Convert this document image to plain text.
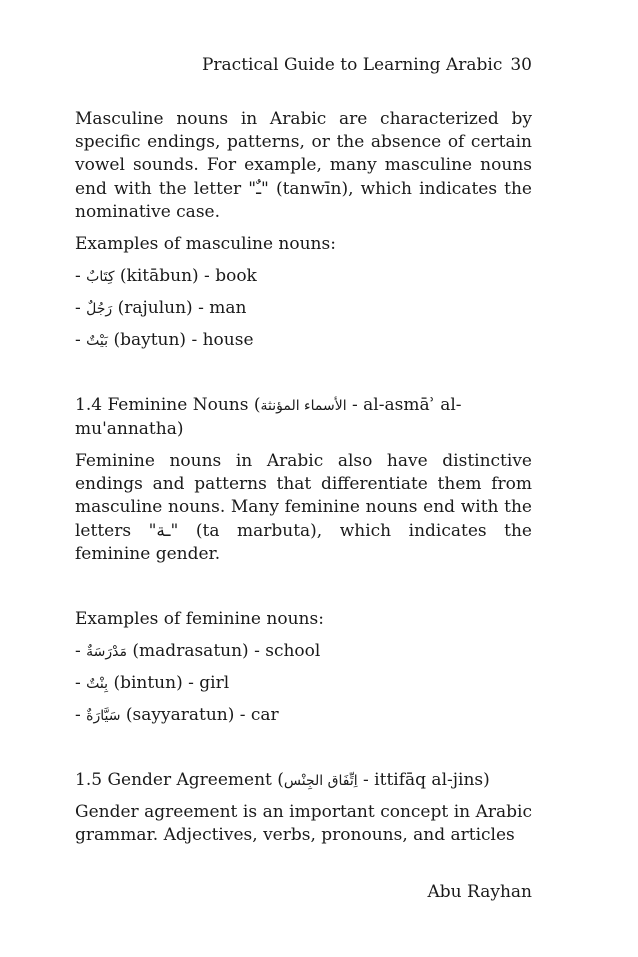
Practical Guide to Learning Arabic 30

Masculine nouns in Arabic are characterized by specific endings, patterns, or the absence of certain vowel sounds. For example, many masculine nouns end with the letter "ـٌ" (tanwīn), which indicates the nominative case.

Examples of masculine nouns:

- كِتَابٌ (kitābun) - book

- رَجُلٌ (rajulun) - man

- بَيْتٌ (baytun) - house

1.4 Feminine Nouns (الأسماء المؤنثة - al-asmāʾ al-
mu'annatha)

Feminine nouns in Arabic also have distinctive endings and patterns that differentiate them from masculine nouns. Many feminine nouns end with the letters "ـة" (ta marbuta), which indicates the feminine gender.

Examples of feminine nouns:

- مَدْرَسَةٌ (madrasatun) - school

- بِنْتٌ (bintun) - girl

- سَيَّارَةٌ (sayyaratun) - car

1.5 Gender Agreement (اِتِّفَاق الجِنْس - ittifāq al-jins)

Gender agreement is an important concept in Arabic grammar. Adjectives, verbs, pronouns, and articles

Abu Rayhan
